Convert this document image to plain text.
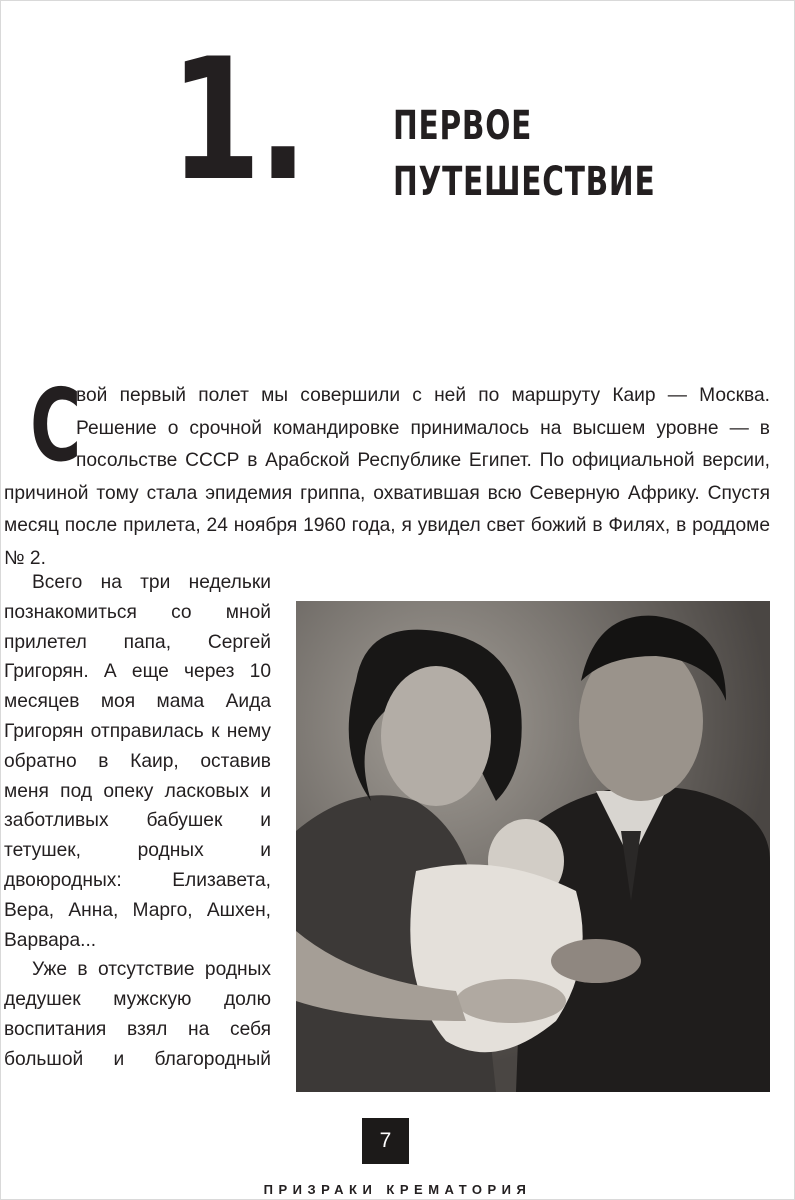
1. ПЕРВОЕ
ПУТЕШЕСТВИЕ
С
вой первый полет мы совершили с ней по маршруту Каир — Москва. Решение о срочной командировке принималось на высшем уровне — в посольстве СССР в Арабской Республике Египет. По официальной версии, причиной тому стала эпидемия гриппа, охватившая всю Северную Африку. Спустя месяц после прилета, 24 ноября 1960 года, я увидел свет божий в Филях, в роддоме № 2.

Всего на три недельки познакомиться со мной прилетел папа, Сергей Григорян. А еще через 10 месяцев моя мама Аида Григорян отправилась к нему обратно в Каир, оставив меня под опеку ласковых и заботливых бабушек и тетушек, родных и двоюродных: Елизавета, Вера, Анна, Марго, Ашхен, Варвара...

Уже в отсутствие родных дедушек мужскую долю воспитания взял на себя большой и благородный

7
ПРИЗРАКИ КРЕМАТОРИЯ
